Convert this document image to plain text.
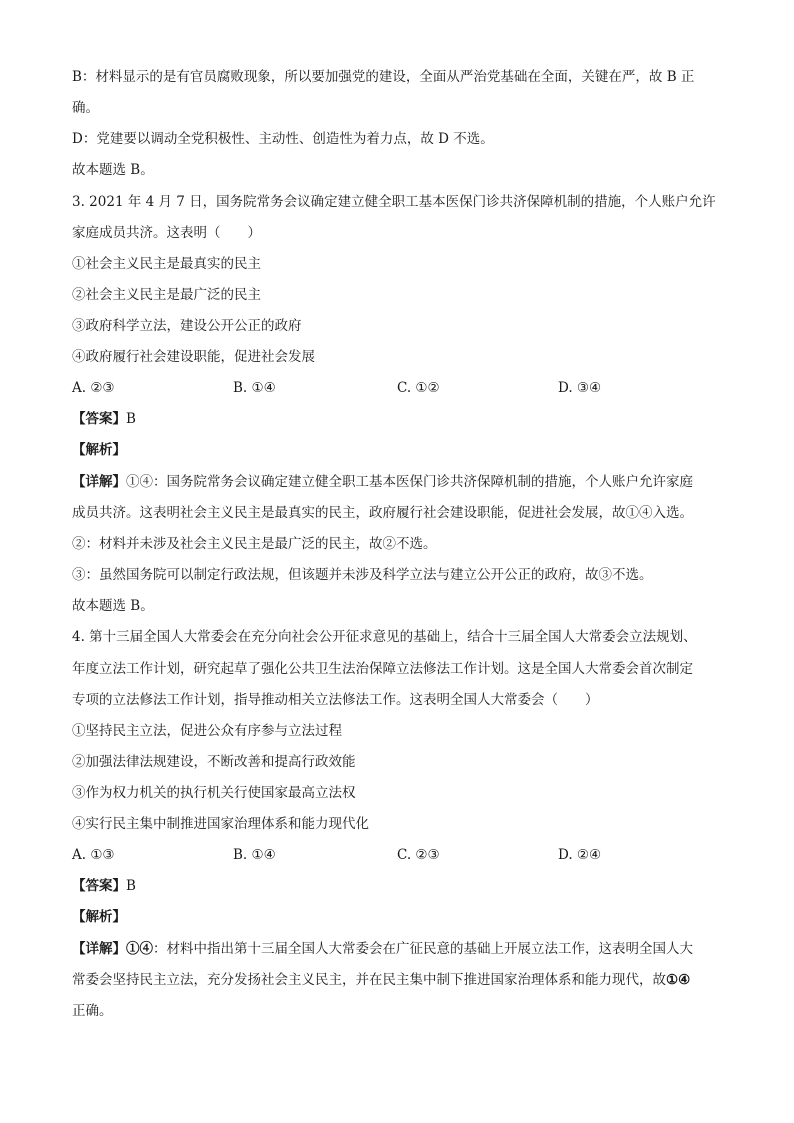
B：材料显示的是有官员腐败现象，所以要加强党的建设，全面从严治党基础在全面，关键在严，故 B 正
确。
D：党建要以调动全党积极性、主动性、创造性为着力点，故 D 不选。
故本题选 B。
3. 2021 年 4 月 7 日，国务院常务会议确定建立健全职工基本医保门诊共济保障机制的措施，个人账户允许
家庭成员共济。这表明（　　）
①社会主义民主是最真实的民主
②社会主义民主是最广泛的民主
③政府科学立法，建设公开公正的政府
④政府履行社会建设职能，促进社会发展
A. ②③	B. ①④	C. ①②	D. ③④
【答案】B
【解析】
【详解】①④：国务院常务会议确定建立健全职工基本医保门诊共济保障机制的措施，个人账户允许家庭
成员共济。这表明社会主义民主是最真实的民主，政府履行社会建设职能，促进社会发展，故①④入选。
②：材料并未涉及社会主义民主是最广泛的民主，故②不选。
③：虽然国务院可以制定行政法规，但该题并未涉及科学立法与建立公开公正的政府，故③不选。
故本题选 B。
4. 第十三届全国人大常委会在充分向社会公开征求意见的基础上，结合十三届全国人大常委会立法规划、
年度立法工作计划，研究起草了强化公共卫生法治保障立法修法工作计划。这是全国人大常委会首次制定
专项的立法修法工作计划，指导推动相关立法修法工作。这表明全国人大常委会（　　）
①坚持民主立法，促进公众有序参与立法过程
②加强法律法规建设，不断改善和提高行政效能
③作为权力机关的执行机关行使国家最高立法权
④实行民主集中制推进国家治理体系和能力现代化
A. ①③	B. ①④	C. ②③	D. ②④
【答案】B
【解析】
【详解】①④：材料中指出第十三届全国人大常委会在广征民意的基础上开展立法工作，这表明全国人大
常委会坚持民主立法，充分发扬社会主义民主，并在民主集中制下推进国家治理体系和能力现代，故①④
正确。
